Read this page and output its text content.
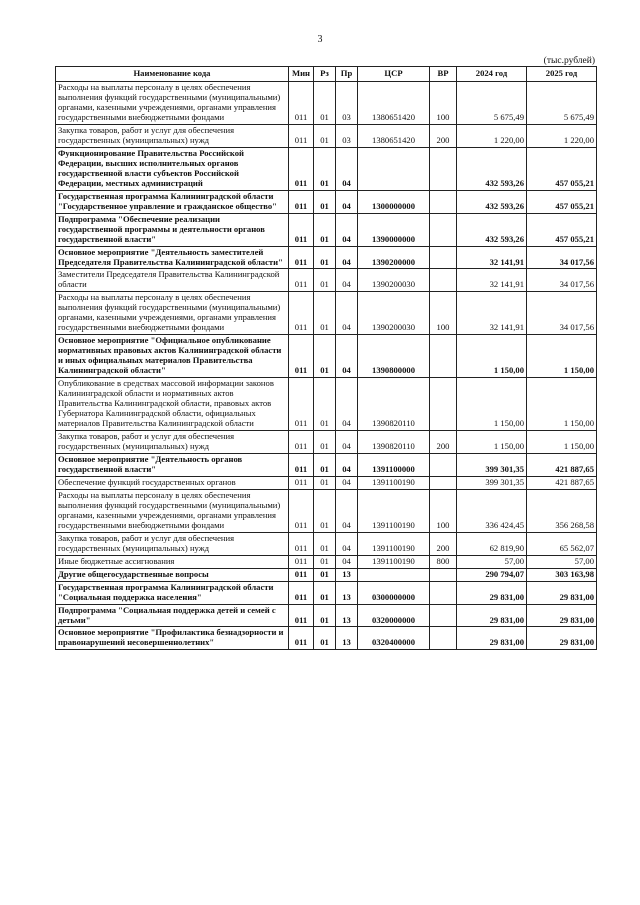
3
(тыс.рублей)
Наименование кода	Мин	Рз	Пр	ЦСР	ВР	2024 год	2025 год
Расходы на выплаты персоналу в целях обеспечения выполнения функций государственными (муниципальными) органами, казенными учреждениями, органами управления государственными внебюджетными фондами	011	01	03	1380651420	100	5 675,49	5 675,49
Закупка товаров, работ и услуг для обеспечения государственных (муниципальных) нужд	011	01	03	1380651420	200	1 220,00	1 220,00
Функционирование Правительства Российской Федерации, высших исполнительных органов государственной власти субъектов Российской Федерации, местных администраций	011	01	04			432 593,26	457 055,21
Государственная программа Калининградской области "Государственное управление и гражданское общество"	011	01	04	1300000000		432 593,26	457 055,21
Подпрограмма "Обеспечение реализации государственной программы и деятельности органов государственной власти"	011	01	04	1390000000		432 593,26	457 055,21
Основное мероприятие "Деятельность заместителей Председателя Правительства Калининградской области"	011	01	04	1390200000		32 141,91	34 017,56
Заместители Председателя Правительства Калининградской области	011	01	04	1390200030		32 141,91	34 017,56
Расходы на выплаты персоналу в целях обеспечения выполнения функций государственными (муниципальными) органами, казенными учреждениями, органами управления государственными внебюджетными фондами	011	01	04	1390200030	100	32 141,91	34 017,56
Основное мероприятие "Официальное опубликование нормативных правовых актов Калининградской области и иных официальных материалов Правительства Калининградской области"	011	01	04	1390800000		1 150,00	1 150,00
Опубликование в средствах массовой информации законов Калининградской области и нормативных актов Правительства Калининградской области, правовых актов Губернатора Калининградской области, официальных материалов Правительства Калининградской области	011	01	04	1390820110		1 150,00	1 150,00
Закупка товаров, работ и услуг для обеспечения государственных (муниципальных) нужд	011	01	04	1390820110	200	1 150,00	1 150,00
Основное мероприятие "Деятельность органов государственной власти"	011	01	04	1391100000		399 301,35	421 887,65
Обеспечение функций государственных органов	011	01	04	1391100190		399 301,35	421 887,65
Расходы на выплаты персоналу в целях обеспечения выполнения функций государственными (муниципальными) органами, казенными учреждениями, органами управления государственными внебюджетными фондами	011	01	04	1391100190	100	336 424,45	356 268,58
Закупка товаров, работ и услуг для обеспечения государственных (муниципальных) нужд	011	01	04	1391100190	200	62 819,90	65 562,07
Иные бюджетные ассигнования	011	01	04	1391100190	800	57,00	57,00
Другие общегосударственные вопросы	011	01	13			290 794,07	303 163,98
Государственная программа Калининградской области "Социальная поддержка населения"	011	01	13	0300000000		29 831,00	29 831,00
Подпрограмма "Социальная поддержка детей и семей с детьми"	011	01	13	0320000000		29 831,00	29 831,00
Основное мероприятие "Профилактика безнадзорности и правонарушений несовершеннолетних"	011	01	13	0320400000		29 831,00	29 831,00
